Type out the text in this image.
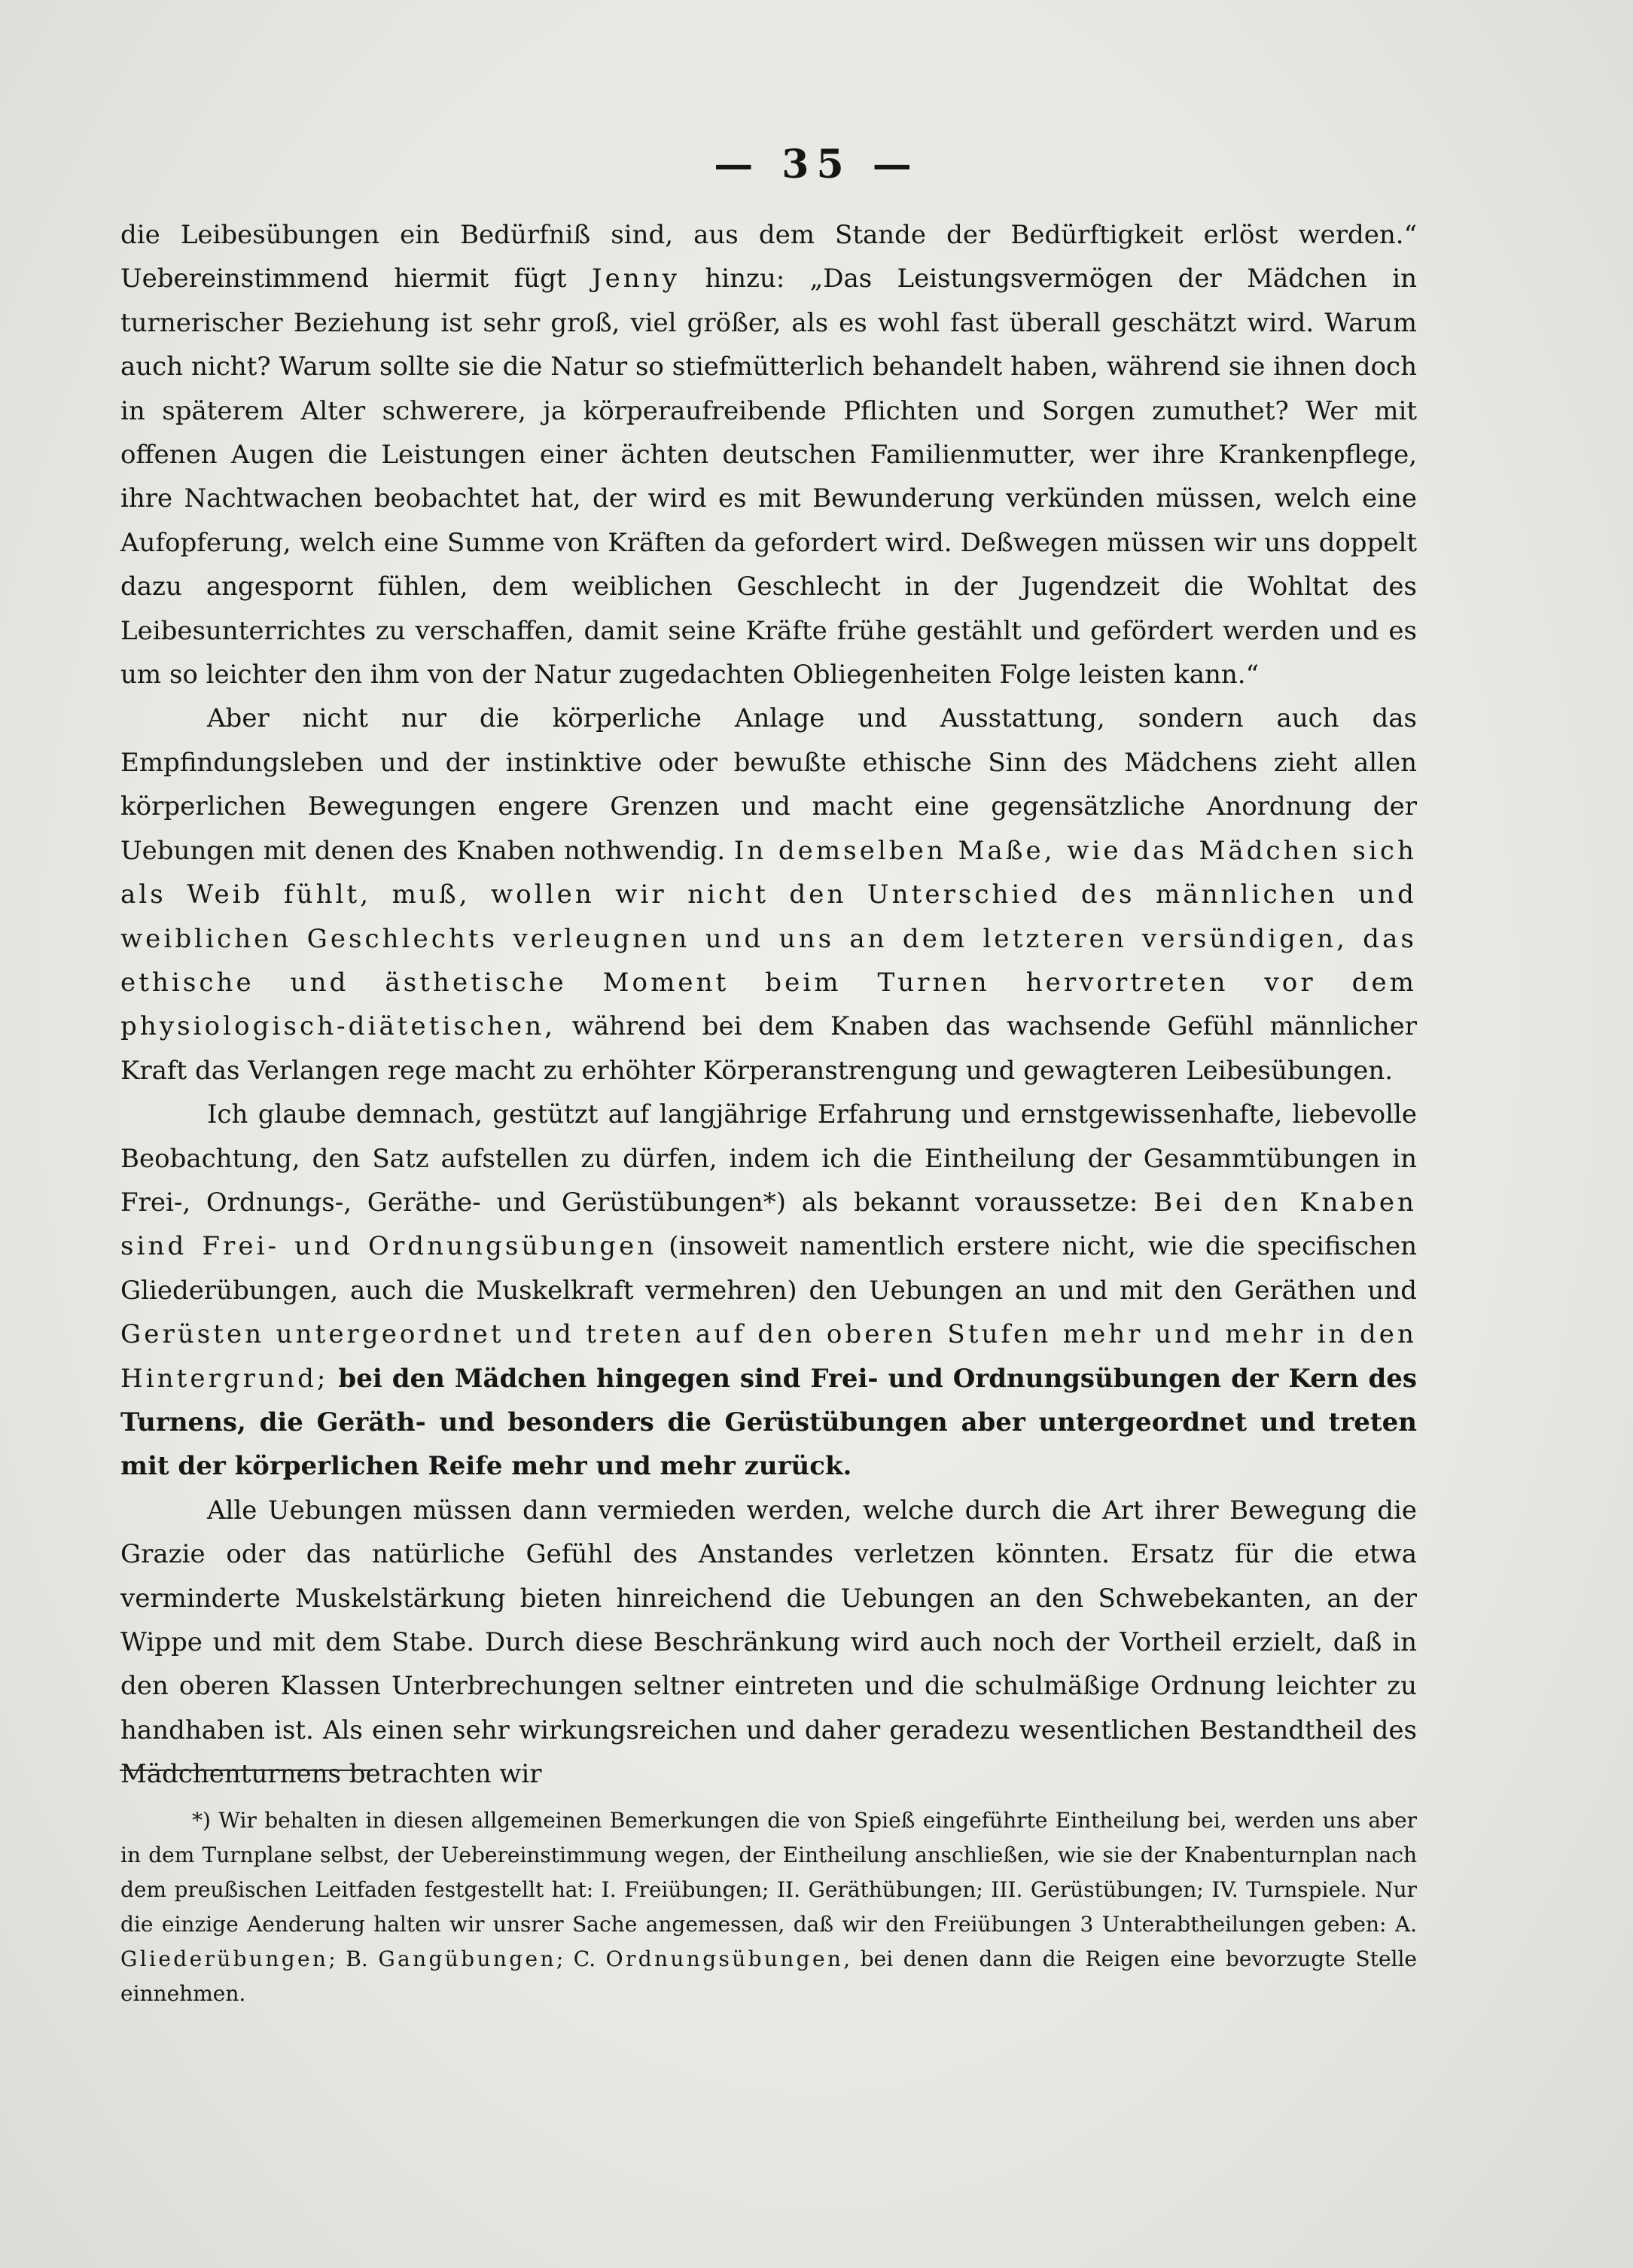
— 35 —

die Leibesübungen ein Bedürfniß sind, aus dem Stande der Bedürftigkeit erlöst werden.“ Uebereinstimmend hiermit fügt Jenny hinzu: „Das Leistungsvermögen der Mädchen in turnerischer Beziehung ist sehr groß, viel größer, als es wohl fast überall geschätzt wird. Warum auch nicht? Warum sollte sie die Natur so stiefmütterlich behandelt haben, während sie ihnen doch in späterem Alter schwerere, ja körperaufreibende Pflichten und Sorgen zumuthet? Wer mit offenen Augen die Leistungen einer ächten deutschen Familienmutter, wer ihre Krankenpflege, ihre Nachtwachen beobachtet hat, der wird es mit Bewunderung verkünden müssen, welch eine Aufopferung, welch eine Summe von Kräften da gefordert wird. Deßwegen müssen wir uns doppelt dazu angespornt fühlen, dem weiblichen Geschlecht in der Jugendzeit die Wohltat des Leibesunterrichtes zu verschaffen, damit seine Kräfte frühe gestählt und gefördert werden und es um so leichter den ihm von der Natur zugedachten Obliegenheiten Folge leisten kann.“

Aber nicht nur die körperliche Anlage und Ausstattung, sondern auch das Empfindungsleben und der instinktive oder bewußte ethische Sinn des Mädchens zieht allen körperlichen Bewegungen engere Grenzen und macht eine gegensätzliche Anordnung der Uebungen mit denen des Knaben nothwendig. In demselben Maße, wie das Mädchen sich als Weib fühlt, muß, wollen wir nicht den Unterschied des männlichen und weiblichen Geschlechts verleugnen und uns an dem letzteren versündigen, das ethische und ästhetische Moment beim Turnen hervortreten vor dem physiologisch-diätetischen, während bei dem Knaben das wachsende Gefühl männlicher Kraft das Verlangen rege macht zu erhöhter Körperanstrengung und gewagteren Leibesübungen.

Ich glaube demnach, gestützt auf langjährige Erfahrung und ernstgewissenhafte, liebevolle Beobachtung, den Satz aufstellen zu dürfen, indem ich die Eintheilung der Gesammtübungen in Frei-, Ordnungs-, Geräthe- und Gerüstübungen*) als bekannt voraussetze: Bei den Knaben sind Frei- und Ordnungsübungen (insoweit namentlich erstere nicht, wie die specifischen Gliederübungen, auch die Muskelkraft vermehren) den Uebungen an und mit den Geräthen und Gerüsten untergeordnet und treten auf den oberen Stufen mehr und mehr in den Hintergrund; bei den Mädchen hingegen sind Frei- und Ordnungsübungen der Kern des Turnens, die Geräth- und besonders die Gerüstübungen aber untergeordnet und treten mit der körperlichen Reife mehr und mehr zurück.

Alle Uebungen müssen dann vermieden werden, welche durch die Art ihrer Bewegung die Grazie oder das natürliche Gefühl des Anstandes verletzen könnten. Ersatz für die etwa verminderte Muskelstärkung bieten hinreichend die Uebungen an den Schwebekanten, an der Wippe und mit dem Stabe. Durch diese Beschränkung wird auch noch der Vortheil erzielt, daß in den oberen Klassen Unterbrechungen seltner eintreten und die schulmäßige Ordnung leichter zu handhaben ist. Als einen sehr wirkungsreichen und daher geradezu wesentlichen Bestandtheil des Mädchenturnens betrachten wir

*) Wir behalten in diesen allgemeinen Bemerkungen die von Spieß eingeführte Eintheilung bei, werden uns aber in dem Turnplane selbst, der Uebereinstimmung wegen, der Eintheilung anschließen, wie sie der Knabenturnplan nach dem preußischen Leitfaden festgestellt hat: I. Freiübungen; II. Geräthübungen; III. Gerüstübungen; IV. Turnspiele. Nur die einzige Aenderung halten wir unsrer Sache angemessen, daß wir den Freiübungen 3 Unterabtheilungen geben: A. Gliederübungen; B. Gangübungen; C. Ordnungsübungen, bei denen dann die Reigen eine bevorzugte Stelle einnehmen.
